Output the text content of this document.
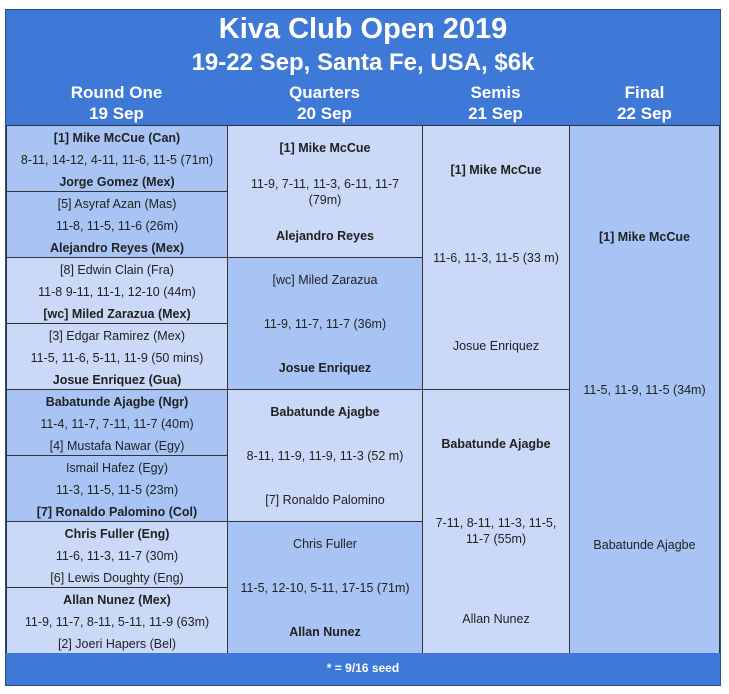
Kiva Club Open 2019
19-22 Sep, Santa Fe, USA, $6k
Round One
19 Sep
Quarters
20 Sep
Semis
21 Sep
Final
22 Sep
[1] Mike McCue (Can)
8-11, 14-12, 4-11, 11-6, 11-5 (71m)
Jorge Gomez (Mex)
[5] Asyraf Azan (Mas)
11-8, 11-5, 11-6 (26m)
Alejandro Reyes (Mex)
[8] Edwin Clain (Fra)
11-8 9-11, 11-1, 12-10 (44m)
[wc] Miled Zarazua (Mex)
[3] Edgar Ramirez (Mex)
11-5, 11-6, 5-11, 11-9 (50 mins)
Josue Enriquez (Gua)
Babatunde Ajagbe (Ngr)
11-4, 11-7, 7-11, 11-7 (40m)
[4] Mustafa Nawar (Egy)
Ismail Hafez (Egy)
11-3, 11-5, 11-5 (23m)
[7] Ronaldo Palomino (Col)
Chris Fuller (Eng)
11-6, 11-3, 11-7 (30m)
[6] Lewis Doughty (Eng)
Allan Nunez (Mex)
11-9, 11-7, 8-11, 5-11, 11-9 (63m)
[2] Joeri Hapers (Bel)
[1] Mike McCue
11-9, 7-11, 11-3, 6-11, 11-7
(79m)
Alejandro Reyes
[wc] Miled Zarazua
11-9, 11-7, 11-7 (36m)
Josue Enriquez
Babatunde Ajagbe
8-11, 11-9, 11-9, 11-3 (52 m)
[7] Ronaldo Palomino
Chris Fuller
11-5, 12-10, 5-11, 17-15 (71m)
Allan Nunez
[1] Mike McCue
11-6, 11-3, 11-5 (33 m)
Josue Enriquez
Babatunde Ajagbe
7-11, 8-11, 11-3, 11-5,
11-7 (55m)
Allan Nunez
[1] Mike McCue
11-5, 11-9, 11-5 (34m)
Babatunde Ajagbe
* = 9/16 seed
